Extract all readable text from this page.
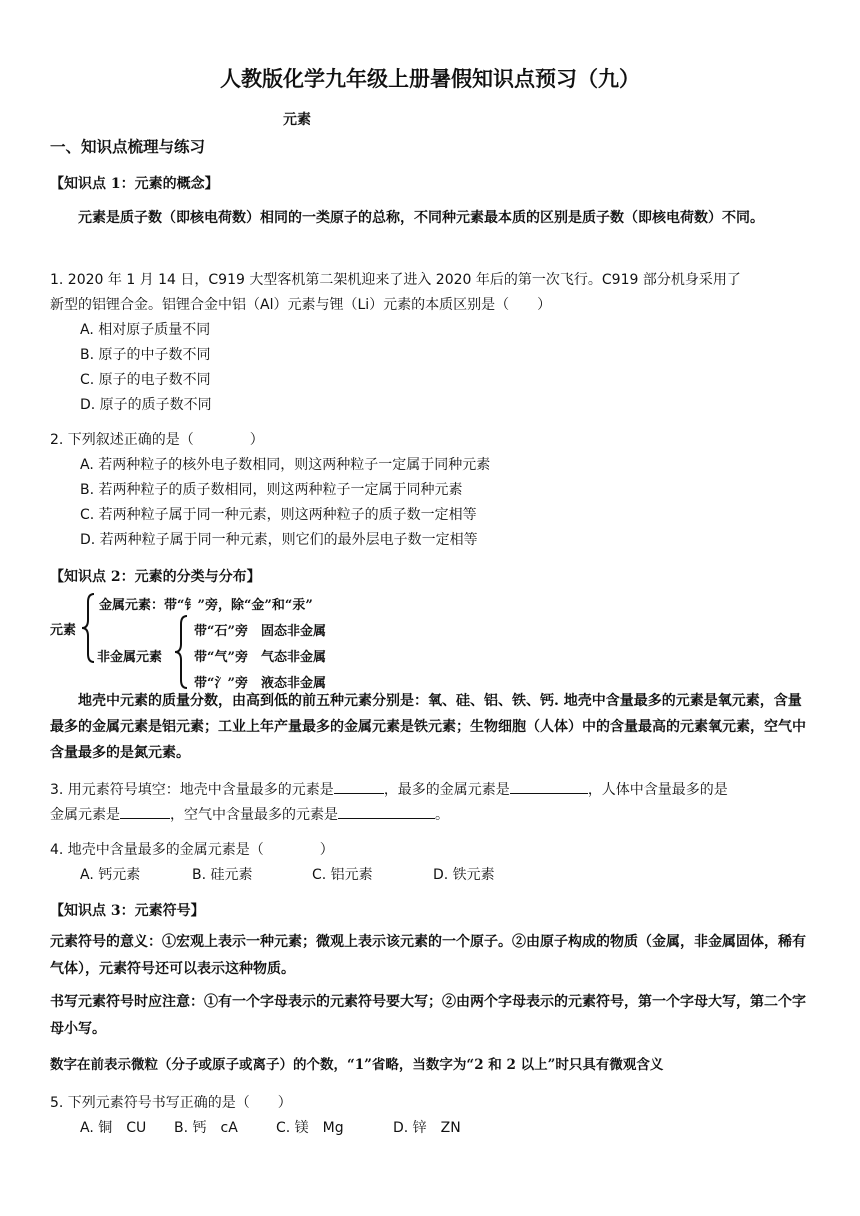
人教版化学九年级上册暑假知识点预习（九）
元素
一、知识点梳理与练习
【知识点 1：元素的概念】
元素是质子数（即核电荷数）相同的一类原子的总称，不同种元素最本质的区别是质子数（即核电荷数）不同。
1. 2020 年 1 月 14 日，C919 大型客机第二架机迎来了进入 2020 年后的第一次飞行。C919 部分机身采用了
新型的铝锂合金。铝锂合金中铝（Al）元素与锂（Li）元素的本质区别是（　　）
A. 相对原子质量不同
B. 原子的中子数不同
C. 原子的电子数不同
D. 原子的质子数不同
2. 下列叙述正确的是（　　　　）
A. 若两种粒子的核外电子数相同，则这两种粒子一定属于同种元素
B. 若两种粒子的质子数相同，则这两种粒子一定属于同种元素
C. 若两种粒子属于同一种元素，则这两种粒子的质子数一定相等
D. 若两种粒子属于同一种元素，则它们的最外层电子数一定相等
【知识点 2：元素的分类与分布】
元素
金属元素：带“钅”旁，除“金”和“汞”
非金属元素
带“石”旁　固态非金属
带“气”旁　气态非金属
带“氵”旁　液态非金属
地壳中元素的质量分数，由高到低的前五种元素分别是：氧、硅、铝、铁、钙. 地壳中含量最多的元素是氧元素，含量最多的金属元素是铝元素；工业上年产量最多的金属元素是铁元素；生物细胞（人体）中的含量最高的元素氧元素，空气中含量最多的是氮元素。
3. 用元素符号填空：地壳中含量最多的元素是	，最多的金属元素是	，人体中含量最多的是
金属元素是	，空气中含量最多的元素是	。
4. 地壳中含量最多的金属元素是（　　　　）
A. 钙元素	B. 硅元素	C. 铝元素	D. 铁元素
【知识点 3：元素符号】
元素符号的意义：①宏观上表示一种元素；微观上表示该元素的一个原子。②由原子构成的物质（金属，非金属固体，稀有气体），元素符号还可以表示这种物质。
书写元素符号时应注意：①有一个字母表示的元素符号要大写；②由两个字母表示的元素符号，第一个字母大写，第二个字母小写。
数字在前表示微粒（分子或原子或离子）的个数，“1”省略，当数字为“2 和 2 以上”时只具有微观含义
5. 下列元素符号书写正确的是（　　）
A. 铜　CU B. 钙　cA	C. 镁　Mg	D. 锌　ZN
